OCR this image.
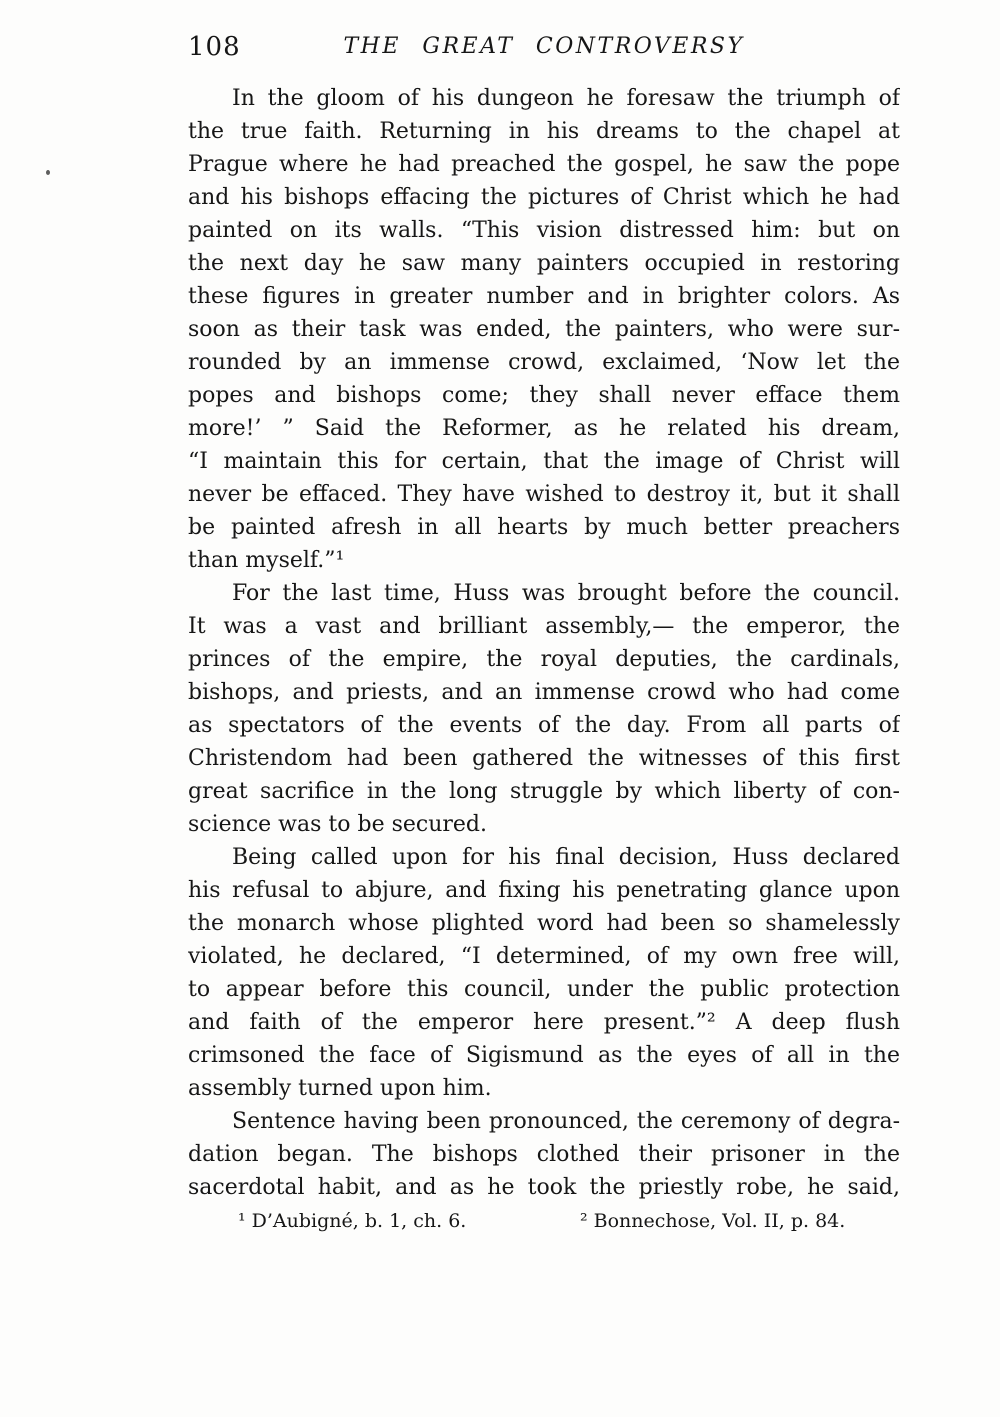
108	THE GREAT CONTROVERSY
In the gloom of his dungeon he foresaw the triumph of
the true faith. Returning in his dreams to the chapel at
Prague where he had preached the gospel, he saw the pope
and his bishops effacing the pictures of Christ which he had
painted on its walls. “This vision distressed him: but on
the next day he saw many painters occupied in restoring
these figures in greater number and in brighter colors. As
soon as their task was ended, the painters, who were sur-
rounded by an immense crowd, exclaimed, ‘Now let the
popes and bishops come; they shall never efface them
more!’ ” Said the Reformer, as he related his dream,
“I maintain this for certain, that the image of Christ will
never be effaced. They have wished to destroy it, but it shall
be painted afresh in all hearts by much better preachers
than myself.”¹
For the last time, Huss was brought before the council.
It was a vast and brilliant assembly,— the emperor, the
princes of the empire, the royal deputies, the cardinals,
bishops, and priests, and an immense crowd who had come
as spectators of the events of the day. From all parts of
Christendom had been gathered the witnesses of this first
great sacrifice in the long struggle by which liberty of con-
science was to be secured.
Being called upon for his final decision, Huss declared
his refusal to abjure, and fixing his penetrating glance upon
the monarch whose plighted word had been so shamelessly
violated, he declared, “I determined, of my own free will,
to appear before this council, under the public protection
and faith of the emperor here present.”² A deep flush
crimsoned the face of Sigismund as the eyes of all in the
assembly turned upon him.
Sentence having been pronounced, the ceremony of degra-
dation began. The bishops clothed their prisoner in the
sacerdotal habit, and as he took the priestly robe, he said,
¹ D’Aubigné, b. 1, ch. 6.	² Bonnechose, Vol. II, p. 84.
